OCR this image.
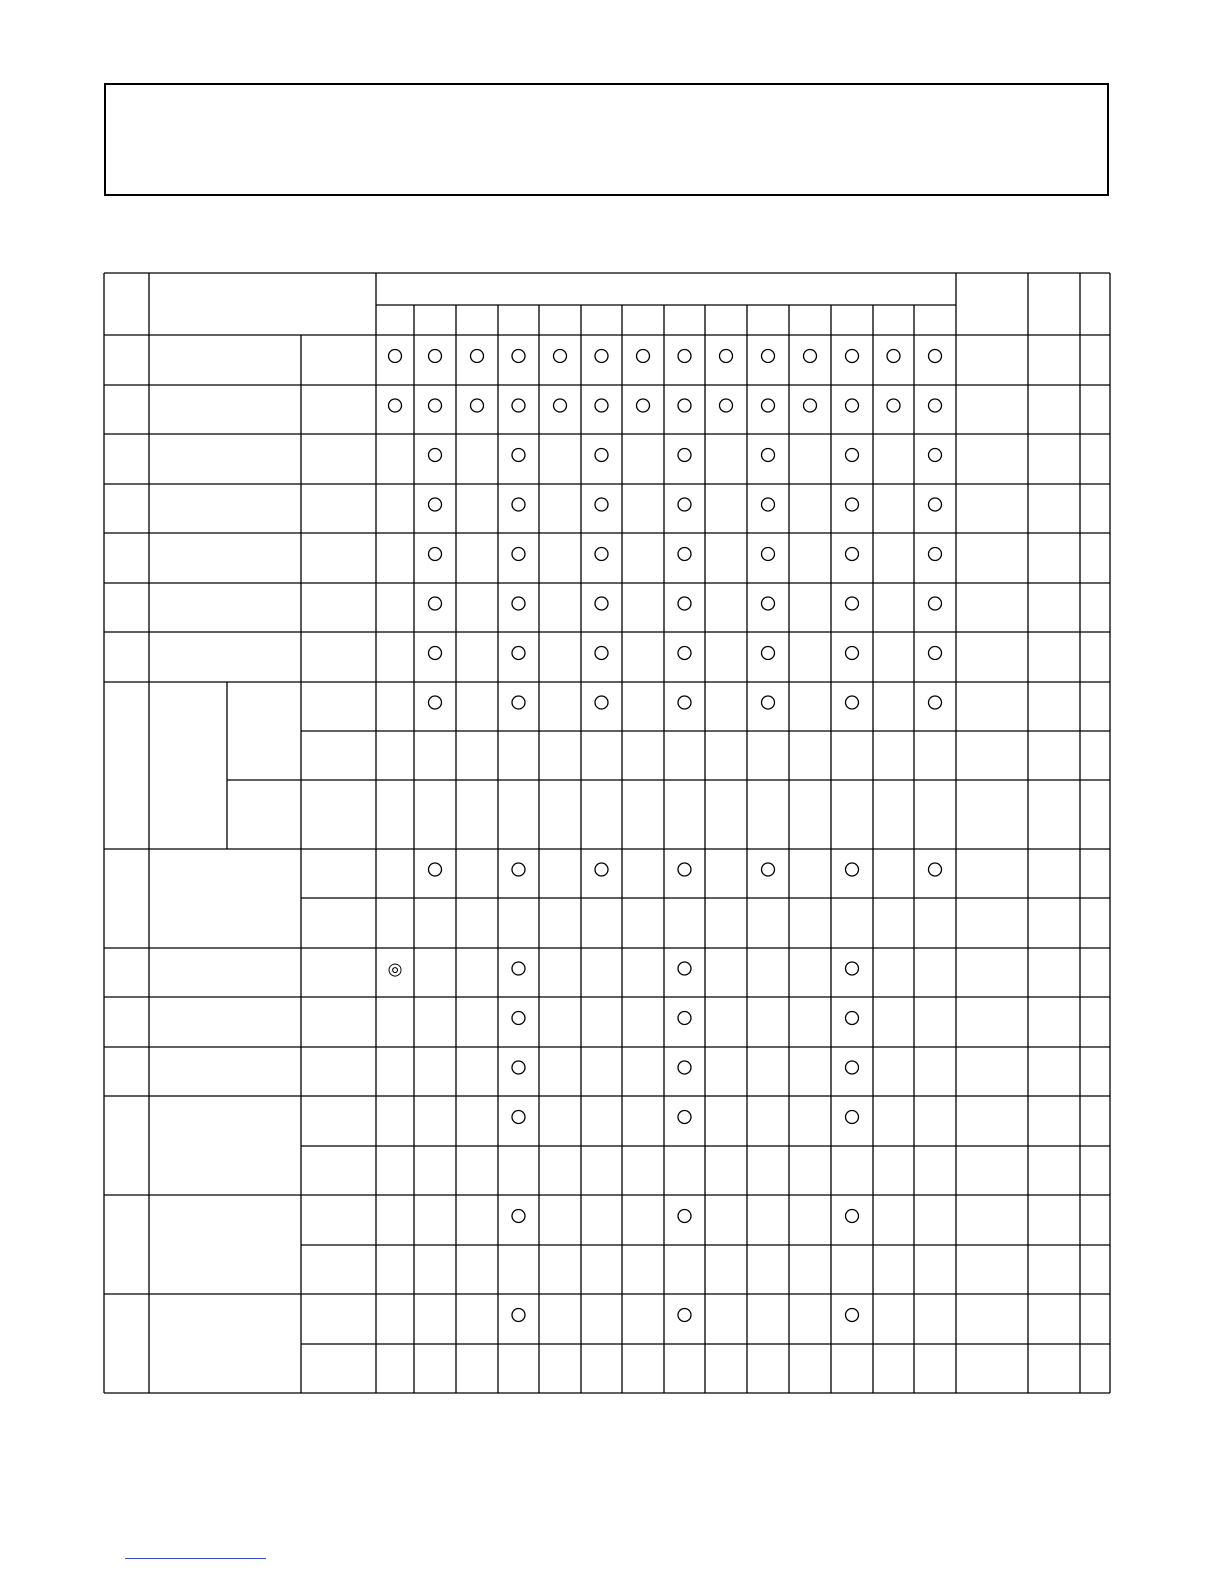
◎
